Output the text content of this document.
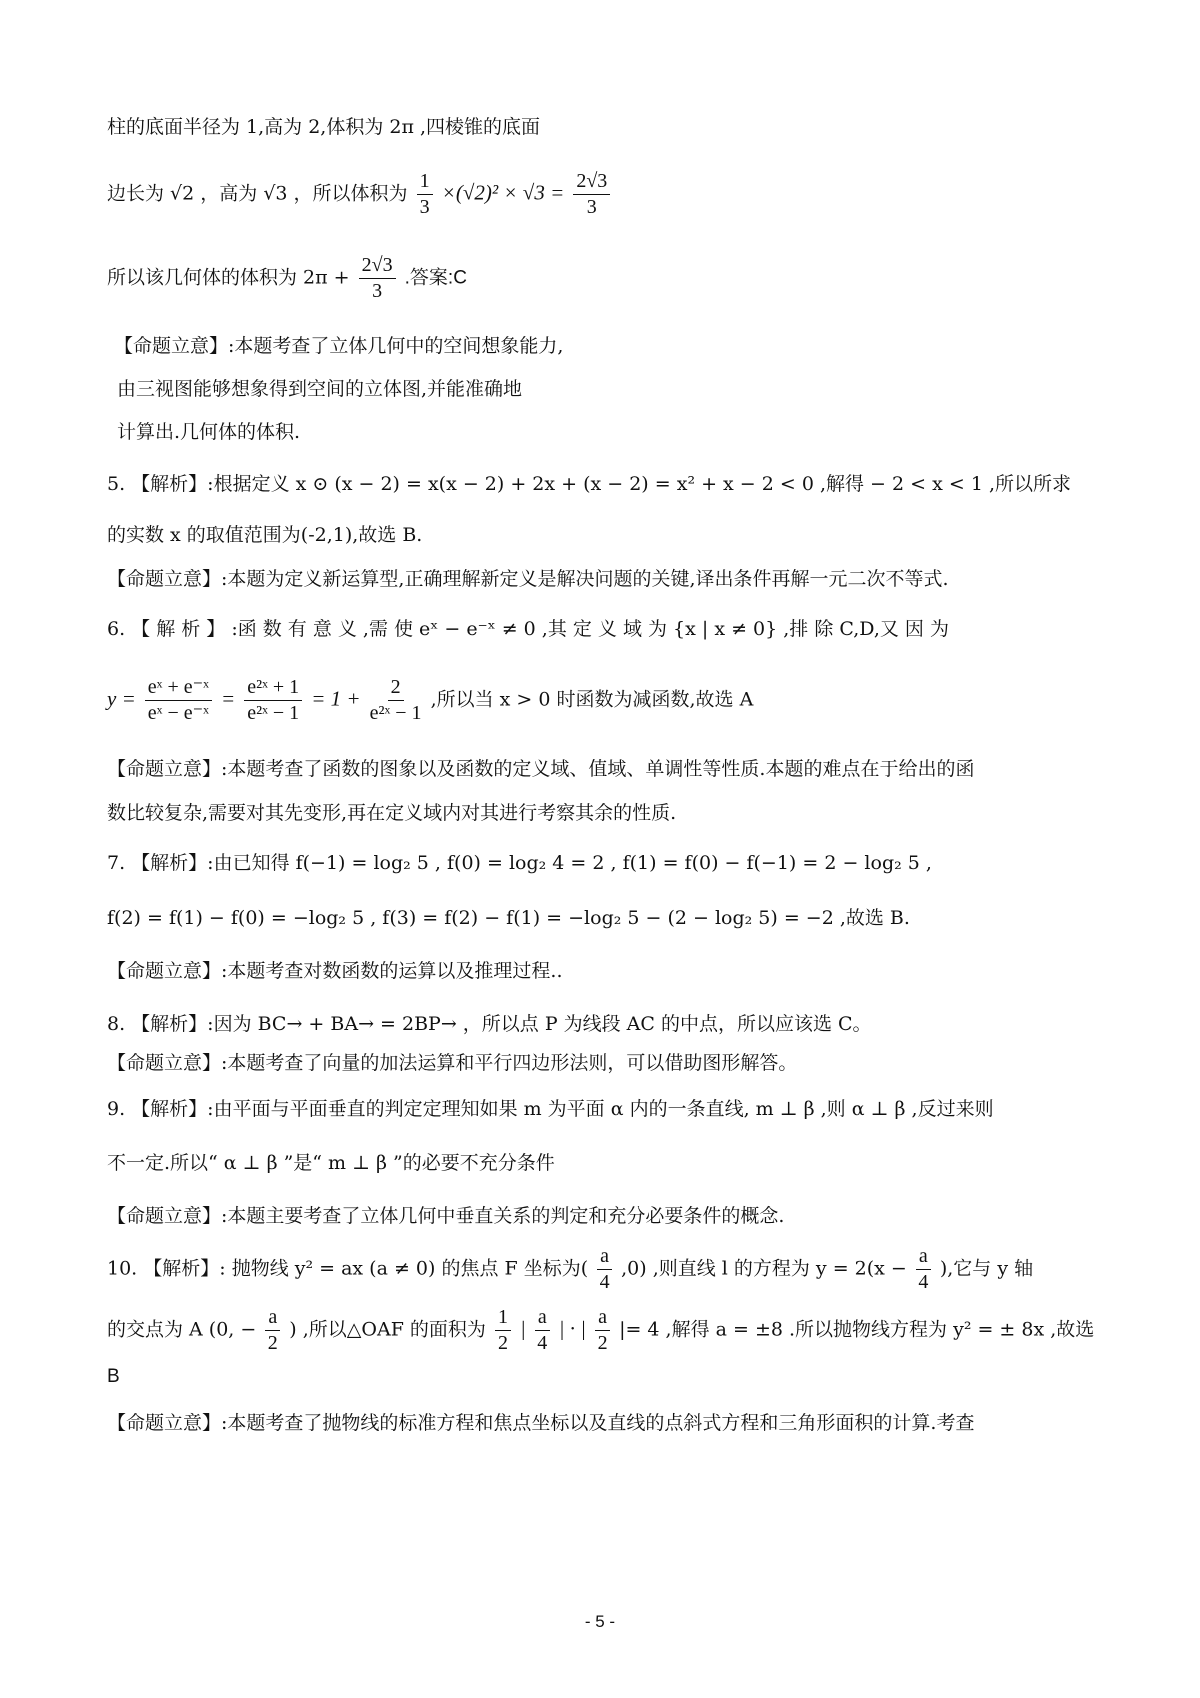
柱的底面半径为 1,高为 2,体积为 2π ,四棱锥的底面
边长为 √2 ，高为 √3 ，所以体积为 $\frac{1}{3} \times(√2)^2 \times √3 = \frac{2√3}{3}$
所以该几何体的体积为 $2\pi + \frac{2√3}{3}$ .答案:C
【命题立意】:本题考查了立体几何中的空间想象能力,
由三视图能够想象得到空间的立体图,并能准确地
计算出.几何体的体积.
5. 【解析】:根据定义 x ⊙ (x − 2) = x(x − 2) + 2x + (x − 2) = x² + x − 2 < 0 ,解得 − 2 < x < 1 ,所以所求
的实数 x 的取值范围为(-2,1),故选 B.
【命题立意】:本题为定义新运算型,正确理解新定义是解决问题的关键,译出条件再解一元二次不等式.
6. 【 解 析 】 :函 数 有 意 义 ,需 使 eˣ − e⁻ˣ ≠ 0 ,其 定 义 域 为 {x | x ≠ 0} ,排 除 C,D,又 因 为
$y = \frac{\text{eˣ + e⁻ˣ}}{\text{eˣ − e⁻ˣ}} = \frac{\text{e²ˣ + 1}}{\text{e²ˣ − 1}} = 1 + \frac{2}{\text{e²ˣ − 1}}$ ,所以当 x > 0 时函数为减函数,故选 A
【命题立意】:本题考查了函数的图象以及函数的定义域、值域、单调性等性质.本题的难点在于给出的函
数比较复杂,需要对其先变形,再在定义域内对其进行考察其余的性质.
7. 【解析】:由已知得 f(−1) = log₂ 5 , f(0) = log₂ 4 = 2 , f(1) = f(0) − f(−1) = 2 − log₂ 5 ,
f(2) = f(1) − f(0) = −log₂ 5 , f(3) = f(2) − f(1) = −log₂ 5 − (2 − log₂ 5) = −2 ,故选 B.
【命题立意】:本题考查对数函数的运算以及推理过程..
8. 【解析】:因为 BC→ + BA→ = 2BP→ ，所以点 P 为线段 AC 的中点，所以应该选 C。
【命题立意】:本题考查了向量的加法运算和平行四边形法则，可以借助图形解答。
9. 【解析】:由平面与平面垂直的判定定理知如果 m 为平面 α 内的一条直线, m ⊥ β ,则 α ⊥ β ,反过来则
不一定.所以“ α ⊥ β ”是“ m ⊥ β ”的必要不充分条件
【命题立意】:本题主要考查了立体几何中垂直关系的判定和充分必要条件的概念.
10. 【解析】: 抛物线 y² = ax (a ≠ 0) 的焦点 F 坐标为( $\frac{a}{4} ,0$) ,则直线 l 的方程为 $y = 2(x - \frac{a}{4}$ ),它与 y 轴
的交点为 A (0, − $\frac{a}{2}$ ) ,所以△OAF 的面积为 $\frac{1}{2}$ | $\frac{a}{4}$ | · | $\frac{a}{2}$ |= 4 ,解得 a = ±8 .所以抛物线方程为 y² = ± 8x ,故选
B
【命题立意】:本题考查了抛物线的标准方程和焦点坐标以及直线的点斜式方程和三角形面积的计算.考查
- 5 -
